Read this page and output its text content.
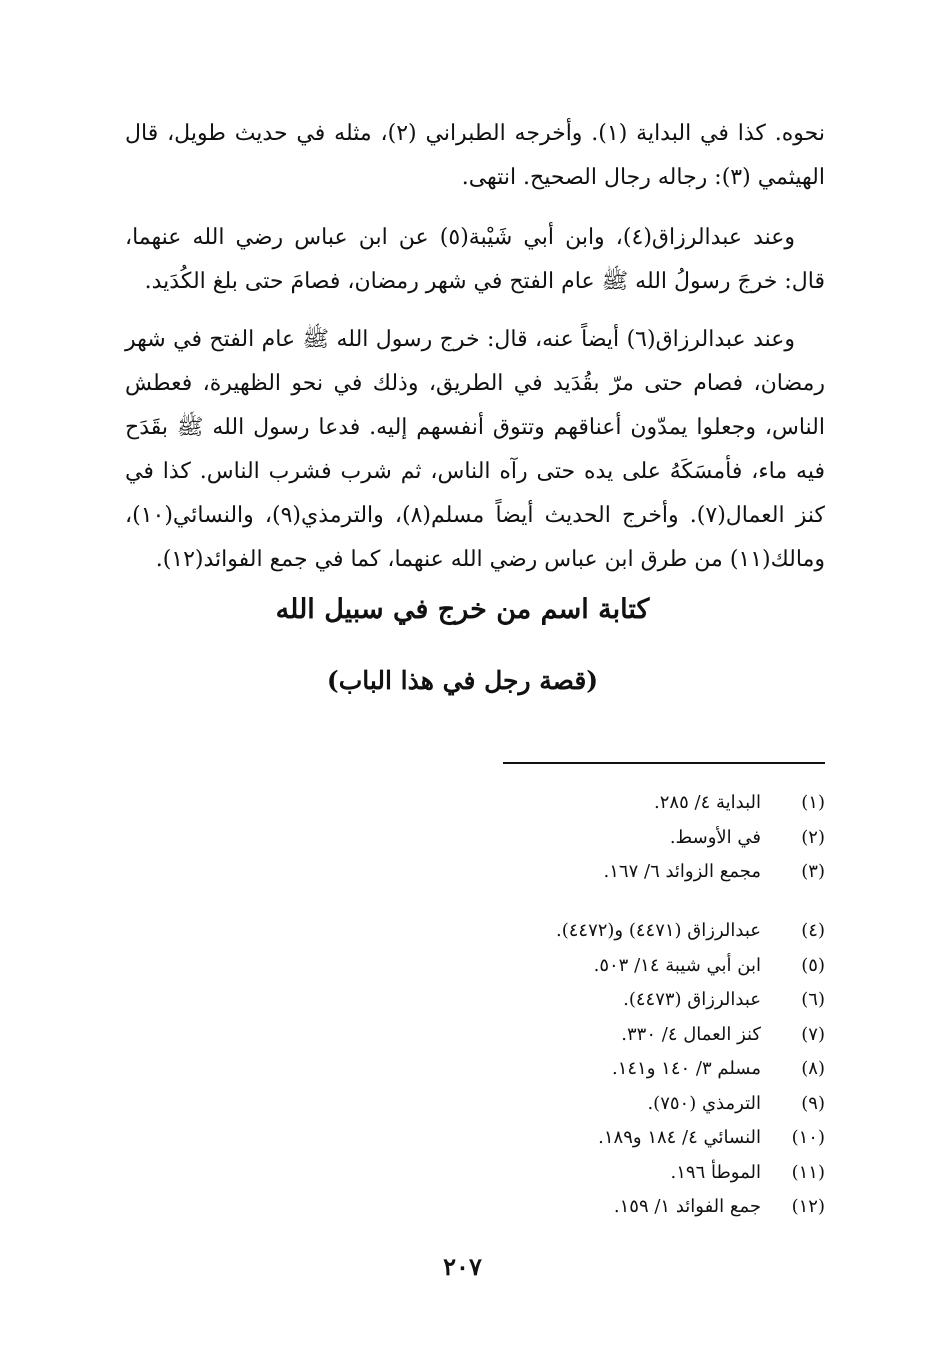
نحوه. كذا في البداية (١). وأخرجه الطبراني (٢)، مثله في حديث طويل، قال الهيثمي (٣): رجاله رجال الصحيح. انتهى.

وعند عبدالرزاق(٤)، وابن أبي شَيْبة(٥) عن ابن عباس رضي الله عنهما، قال: خرجَ رسولُ الله ﷺ عام الفتح في شهر رمضان، فصامَ حتى بلغ الكُدَيد.

وعند عبدالرزاق(٦) أيضاً عنه، قال: خرج رسول الله ﷺ عام الفتح في شهر رمضان، فصام حتى مرّ بقُدَيد في الطريق، وذلك في نحو الظهيرة، فعطش الناس، وجعلوا يمدّون أعناقهم وتتوق أنفسهم إليه. فدعا رسول الله ﷺ بقَدَح فيه ماء، فأمسَكَهُ على يده حتى رآه الناس، ثم شرب فشرب الناس. كذا في كنز العمال(٧). وأخرج الحديث أيضاً مسلم(٨)، والترمذي(٩)، والنسائي(١٠)، ومالك(١١) من طرق ابن عباس رضي الله عنهما، كما في جمع الفوائد(١٢).

كتابة اسم من خرج في سبيل الله
(قصة رجل في هذا الباب)
(١)
البداية ٤/ ٢٨٥.
(٢)
في الأوسط.
(٣)
مجمع الزوائد ٦/ ١٦٧.
(٤)
عبدالرزاق (٤٤٧١) و(٤٤٧٢).
(٥)
ابن أبي شيبة ١٤/ ٥٠٣.
(٦)
عبدالرزاق (٤٤٧٣).
(٧)
كنز العمال ٤/ ٣٣٠.
(٨)
مسلم ٣/ ١٤٠ و١٤١.
(٩)
الترمذي (٧٥٠).
(١٠)
النسائي ٤/ ١٨٤ و١٨٩.
(١١)
الموطأ ١٩٦.
(١٢)
جمع الفوائد ١/ ١٥٩.
٢٠٧
